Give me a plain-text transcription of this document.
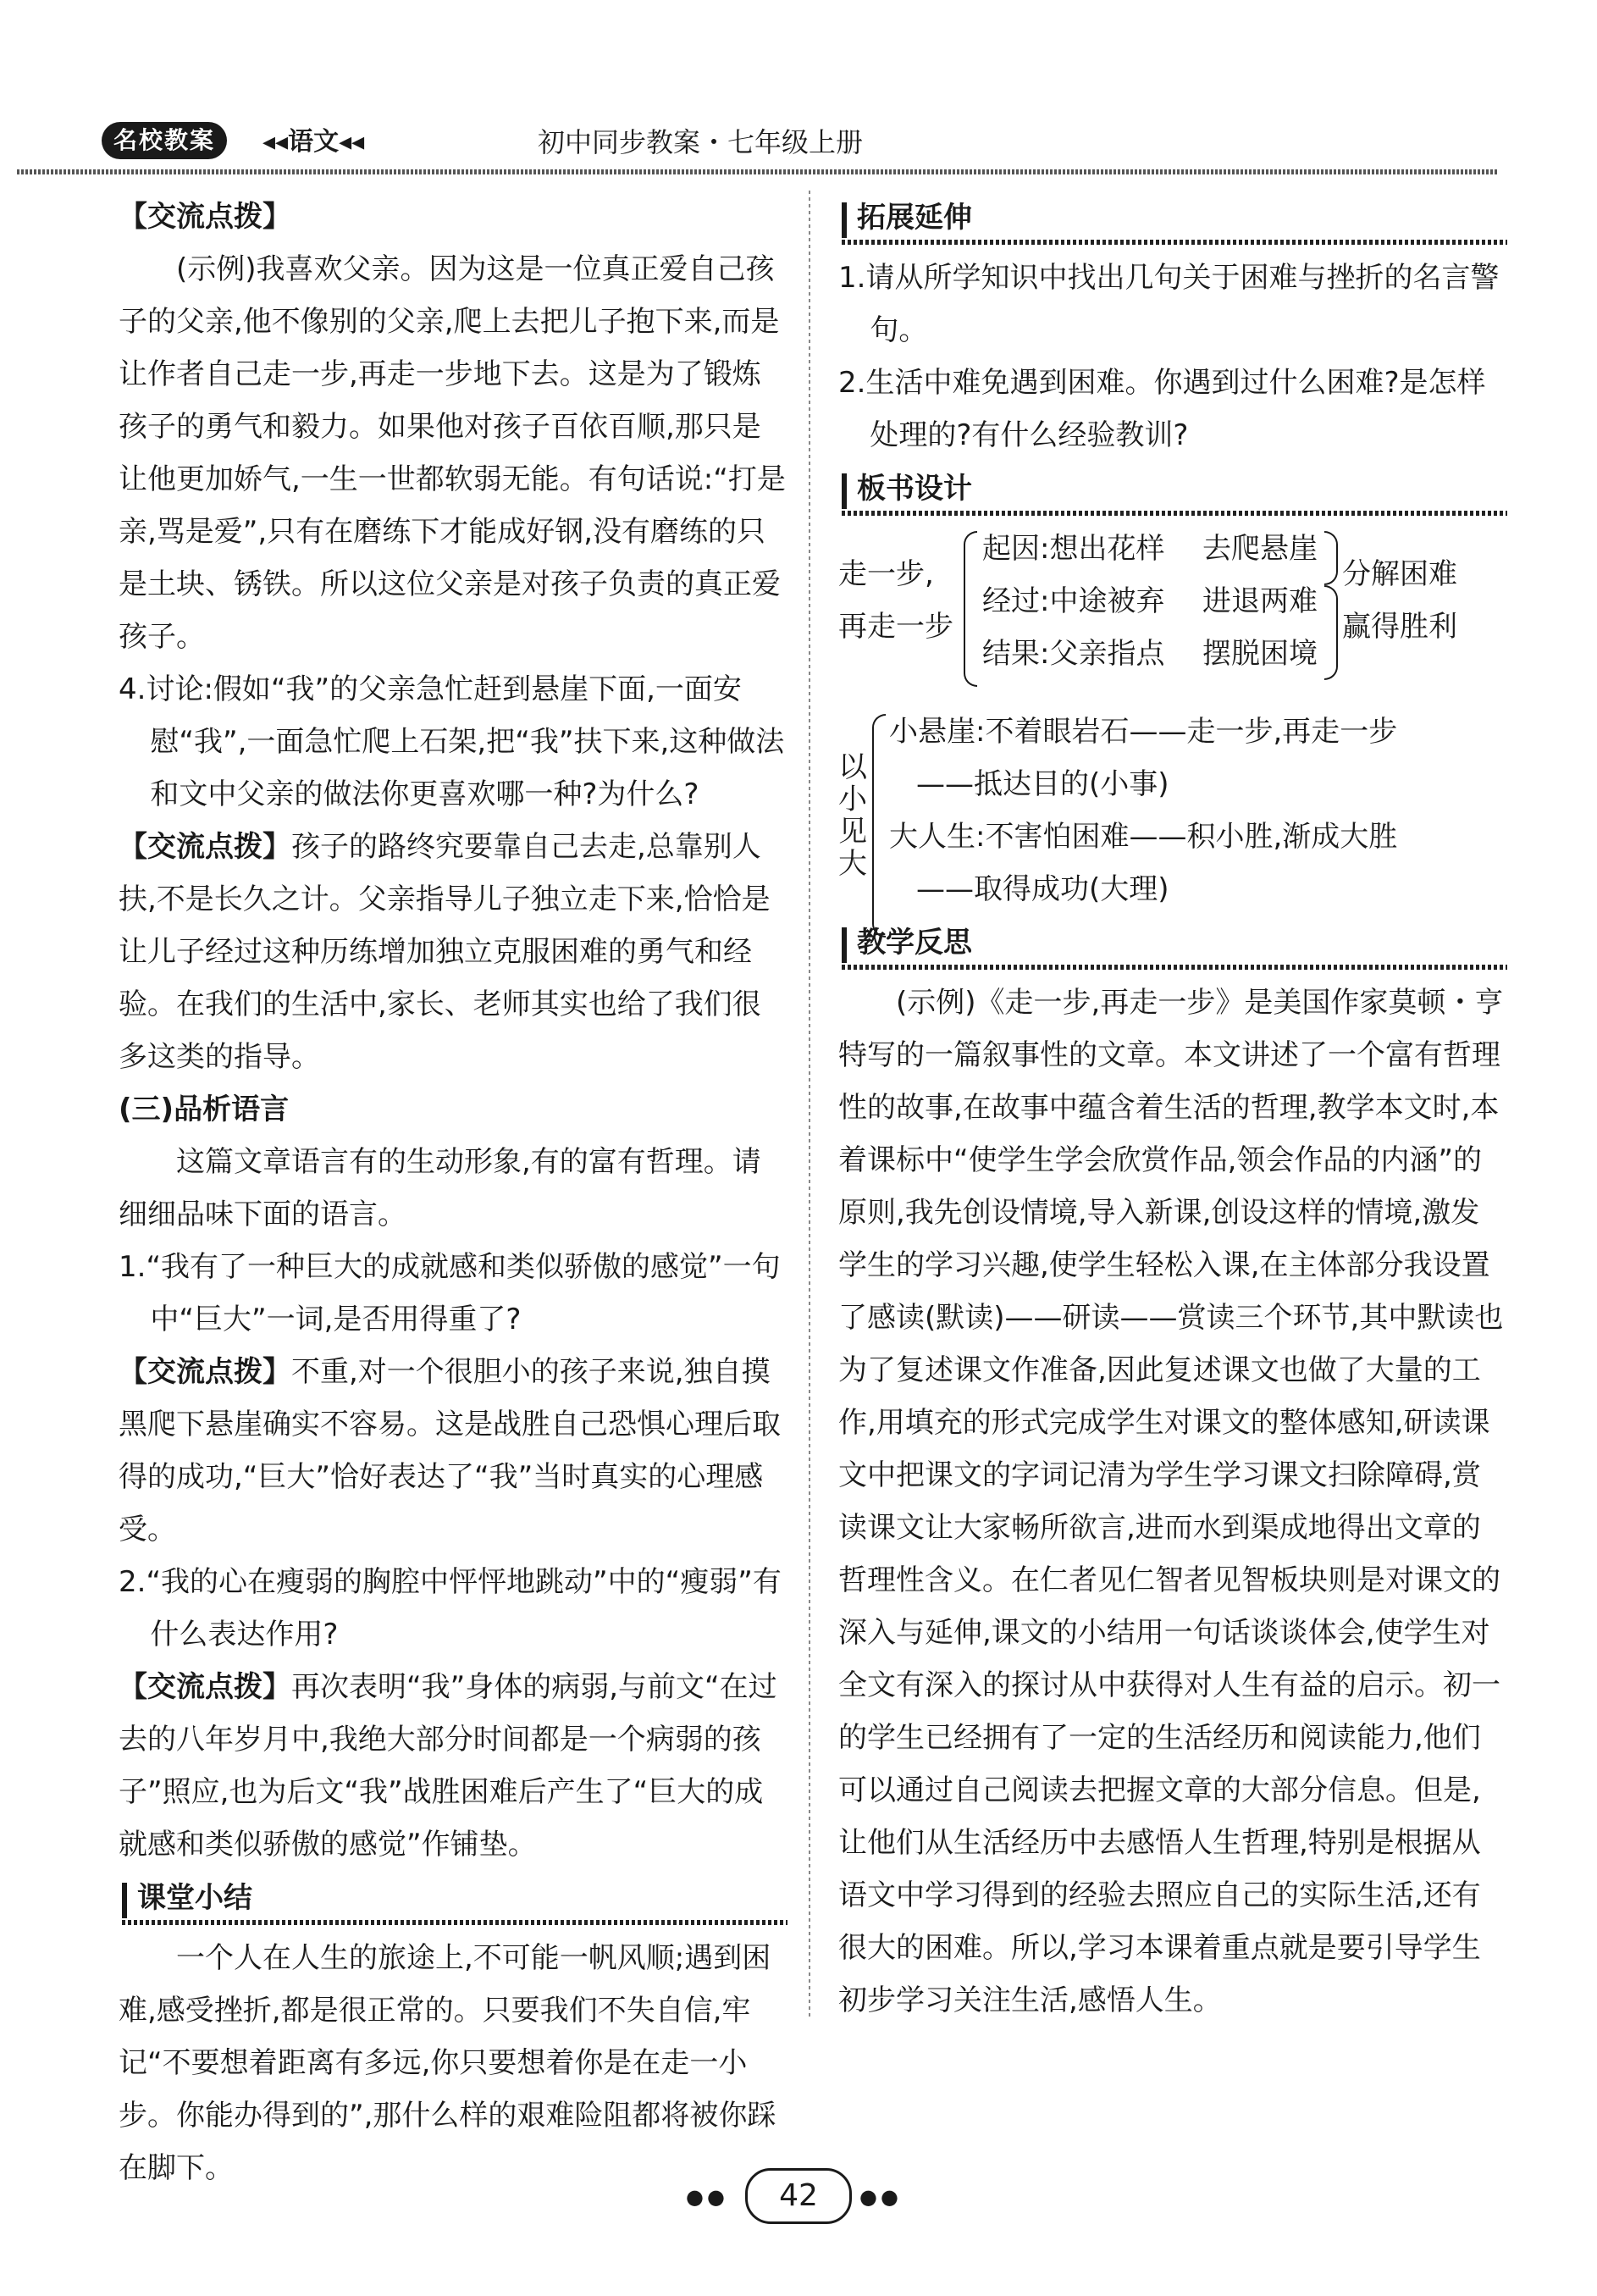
名校教案	◂◂语文◂◂	初中同步教案・七年级上册

【交流点拨】

(示例)我喜欢父亲。因为这是一位真正爱自己孩子的父亲,他不像别的父亲,爬上去把儿子抱下来,而是让作者自己走一步,再走一步地下去。这是为了锻炼孩子的勇气和毅力。如果他对孩子百依百顺,那只是让他更加娇气,一生一世都软弱无能。有句话说:“打是亲,骂是爱”,只有在磨练下才能成好钢,没有磨练的只是土块、锈铁。所以这位父亲是对孩子负责的真正爱孩子。

4.讨论:假如“我”的父亲急忙赶到悬崖下面,一面安慰“我”,一面急忙爬上石架,把“我”扶下来,这种做法和文中父亲的做法你更喜欢哪一种?为什么?

【交流点拨】孩子的路终究要靠自己去走,总靠别人扶,不是长久之计。父亲指导儿子独立走下来,恰恰是让儿子经过这种历练增加独立克服困难的勇气和经验。在我们的生活中,家长、老师其实也给了我们很多这类的指导。

(三)品析语言

这篇文章语言有的生动形象,有的富有哲理。请细细品味下面的语言。

1.“我有了一种巨大的成就感和类似骄傲的感觉”一句中“巨大”一词,是否用得重了?

【交流点拨】不重,对一个很胆小的孩子来说,独自摸黑爬下悬崖确实不容易。这是战胜自己恐惧心理后取得的成功,“巨大”恰好表达了“我”当时真实的心理感受。

2.“我的心在瘦弱的胸腔中怦怦地跳动”中的“瘦弱”有什么表达作用?

【交流点拨】再次表明“我”身体的病弱,与前文“在过去的八年岁月中,我绝大部分时间都是一个病弱的孩子”照应,也为后文“我”战胜困难后产生了“巨大的成就感和类似骄傲的感觉”作铺垫。

课堂小结

一个人在人生的旅途上,不可能一帆风顺;遇到困难,感受挫折,都是很正常的。只要我们不失自信,牢记“不要想着距离有多远,你只要想着你是在走一小步。你能办得到的”,那什么样的艰难险阻都将被你踩在脚下。

拓展延伸

1.请从所学知识中找出几句关于困难与挫折的名言警句。

2.生活中难免遇到困难。你遇到过什么困难?是怎样处理的?有什么经验教训?

板书设计
走一步,
再走一步
起因:想出花样 去爬悬崖
经过:中途被弃 进退两难
结果:父亲指点 摆脱困境
分解困难
赢得胜利
以小见大
小悬崖:不着眼岩石——走一步,再走一步
——抵达目的(小事)
大人生:不害怕困难——积小胜,渐成大胜
——取得成功(大理)
教学反思

(示例)《走一步,再走一步》是美国作家莫顿・亨特写的一篇叙事性的文章。本文讲述了一个富有哲理性的故事,在故事中蕴含着生活的哲理,教学本文时,本着课标中“使学生学会欣赏作品,领会作品的内涵”的原则,我先创设情境,导入新课,创设这样的情境,激发学生的学习兴趣,使学生轻松入课,在主体部分我设置了感读(默读)——研读——赏读三个环节,其中默读也为了复述课文作准备,因此复述课文也做了大量的工作,用填充的形式完成学生对课文的整体感知,研读课文中把课文的字词记清为学生学习课文扫除障碍,赏读课文让大家畅所欲言,进而水到渠成地得出文章的哲理性含义。在仁者见仁智者见智板块则是对课文的深入与延伸,课文的小结用一句话谈谈体会,使学生对全文有深入的探讨从中获得对人生有益的启示。初一的学生已经拥有了一定的生活经历和阅读能力,他们可以通过自己阅读去把握文章的大部分信息。但是,让他们从生活经历中去感悟人生哲理,特别是根据从语文中学习得到的经验去照应自己的实际生活,还有很大的困难。所以,学习本课着重点就是要引导学生初步学习关注生活,感悟人生。

●●	42	●●
